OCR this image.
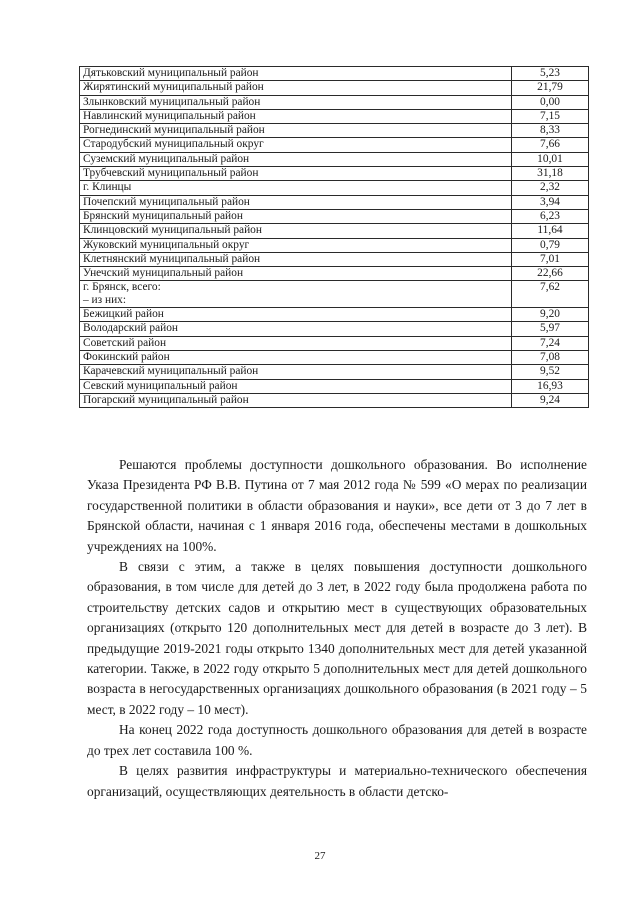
Дятьковский муниципальный район	5,23
Жирятинский муниципальный район	21,79
Злынковский муниципальный район	0,00
Навлинский муниципальный район	7,15
Рогнединский муниципальный район	8,33
Стародубский муниципальный округ	7,66
Суземский муниципальный район	10,01
Трубчевский муниципальный район	31,18
г. Клинцы	2,32
Почепский муниципальный район	3,94
Брянский муниципальный район	6,23
Клинцовский муниципальный район	11,64
Жуковский муниципальный округ	0,79
Клетнянский муниципальный район	7,01
Унечский муниципальный район	22,66

г. Брянск, всего:
– из них:	7,62
Бежицкий район	9,20
Володарский район	5,97
Советский район	7,24
Фокинский район	7,08
Карачевский муниципальный район	9,52
Севский муниципальный район	16,93
Погарский муниципальный район	9,24

Решаются проблемы доступности дошкольного образования. Во исполнение Указа Президента РФ В.В. Путина от 7 мая 2012 года № 599 «О мерах по реализации государственной политики в области образования и науки», все дети от 3 до 7 лет в Брянской области, начиная с 1 января 2016 года, обеспечены местами в дошкольных учреждениях на 100%.

В связи с этим, а также в целях повышения доступности дошкольного образования, в том числе для детей до 3 лет, в 2022 году была продолжена работа по строительству детских садов и открытию мест в существующих образовательных организациях (открыто 120 дополнительных мест для детей в возрасте до 3 лет). В предыдущие 2019-2021 годы открыто 1340 дополнительных мест для детей указанной категории. Также, в 2022 году открыто 5 дополнительных мест для детей дошкольного возраста в негосударственных организациях дошкольного образования (в 2021 году – 5 мест, в 2022 году – 10 мест).

На конец 2022 года доступность дошкольного образования для детей в возрасте до трех лет составила 100 %.

В целях развития инфраструктуры и материально-технического обеспечения организаций, осуществляющих деятельность в области детско-

27
